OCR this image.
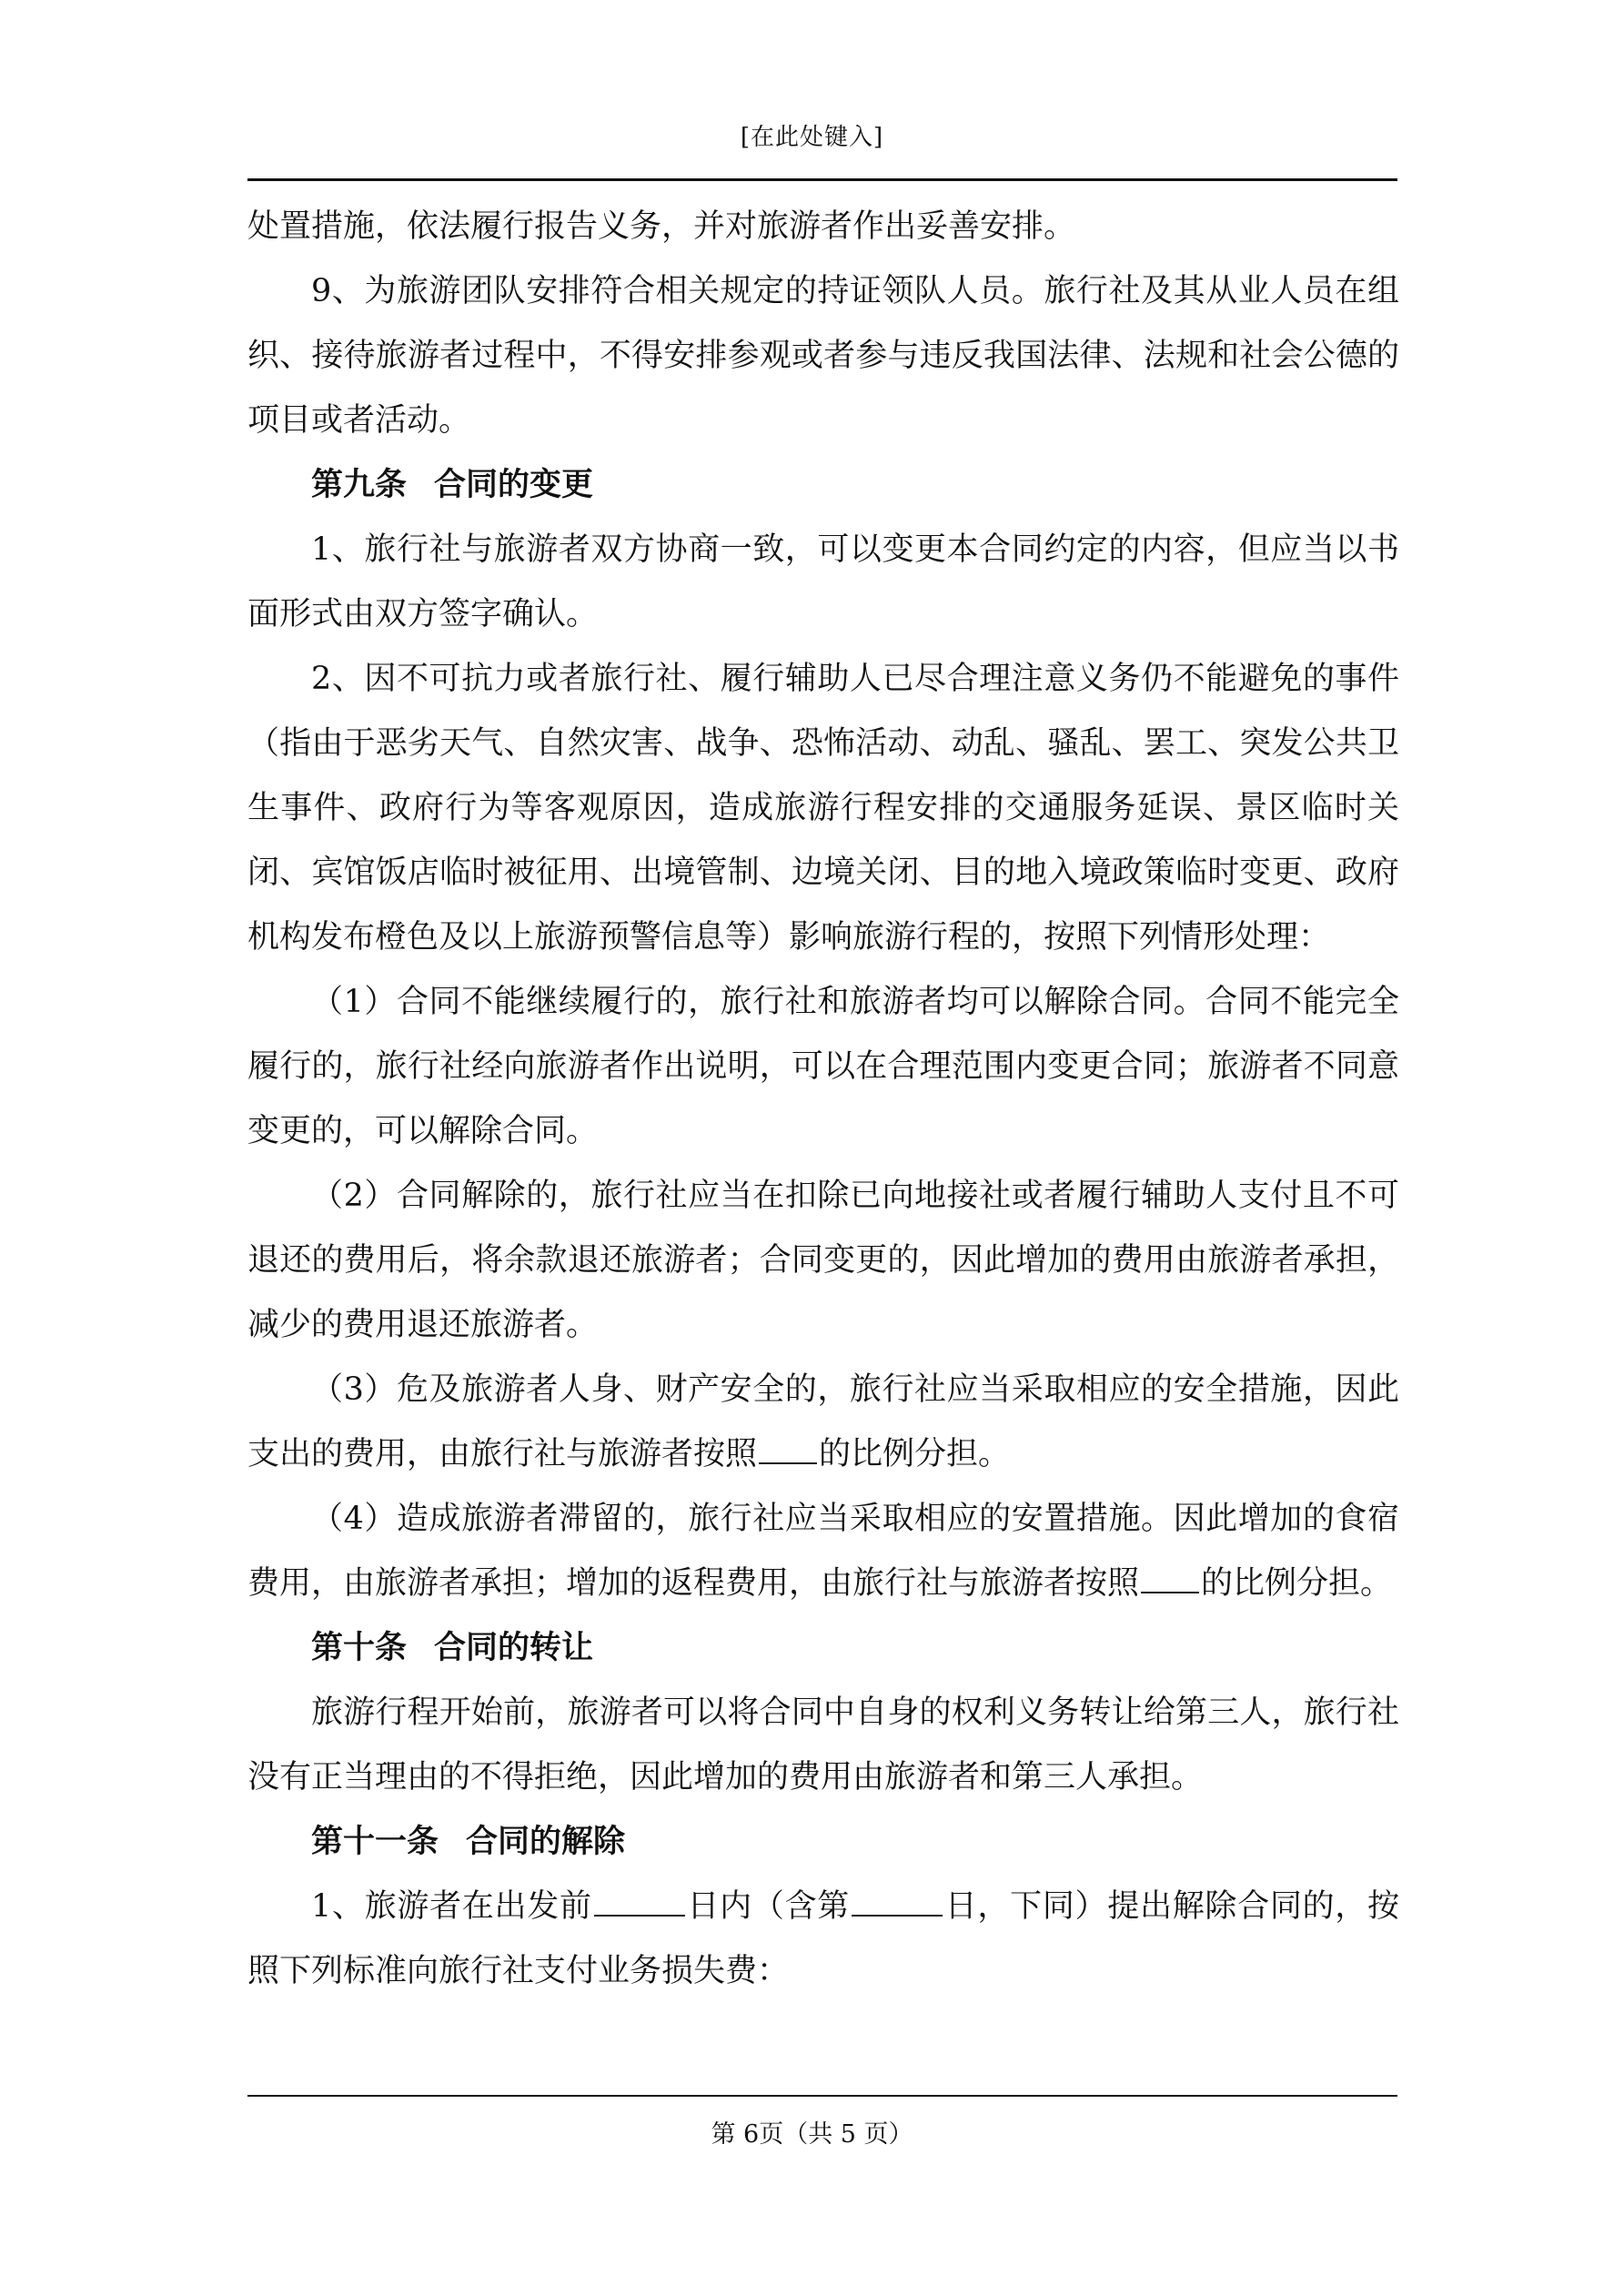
[在此处键入]

处置措施，依法履行报告义务，并对旅游者作出妥善安排。

9、为旅游团队安排符合相关规定的持证领队人员。旅行社及其从业人员在组织、接待旅游者过程中，不得安排参观或者参与违反我国法律、法规和社会公德的项目或者活动。

第九条 合同的变更

1、旅行社与旅游者双方协商一致，可以变更本合同约定的内容，但应当以书面形式由双方签字确认。

2、因不可抗力或者旅行社、履行辅助人已尽合理注意义务仍不能避免的事件（指由于恶劣天气、自然灾害、战争、恐怖活动、动乱、骚乱、罢工、突发公共卫生事件、政府行为等客观原因，造成旅游行程安排的交通服务延误、景区临时关闭、宾馆饭店临时被征用、出境管制、边境关闭、目的地入境政策临时变更、政府机构发布橙色及以上旅游预警信息等）影响旅游行程的，按照下列情形处理：

（1）合同不能继续履行的，旅行社和旅游者均可以解除合同。合同不能完全履行的，旅行社经向旅游者作出说明，可以在合理范围内变更合同；旅游者不同意变更的，可以解除合同。

（2）合同解除的，旅行社应当在扣除已向地接社或者履行辅助人支付且不可退还的费用后，将余款退还旅游者；合同变更的，因此增加的费用由旅游者承担，减少的费用退还旅游者。

（3）危及旅游者人身、财产安全的，旅行社应当采取相应的安全措施，因此支出的费用，由旅行社与旅游者按照 的比例分担。

（4）造成旅游者滞留的，旅行社应当采取相应的安置措施。因此增加的食宿费用，由旅游者承担；增加的返程费用，由旅行社与旅游者按照 的比例分担。

第十条 合同的转让

旅游行程开始前，旅游者可以将合同中自身的权利义务转让给第三人，旅行社没有正当理由的不得拒绝，因此增加的费用由旅游者和第三人承担。

第十一条 合同的解除

1、旅游者在出发前	日内（含第	日，下同）提出解除合同的，按照下列标准向旅行社支付业务损失费：

第 6页（共 5 页）
